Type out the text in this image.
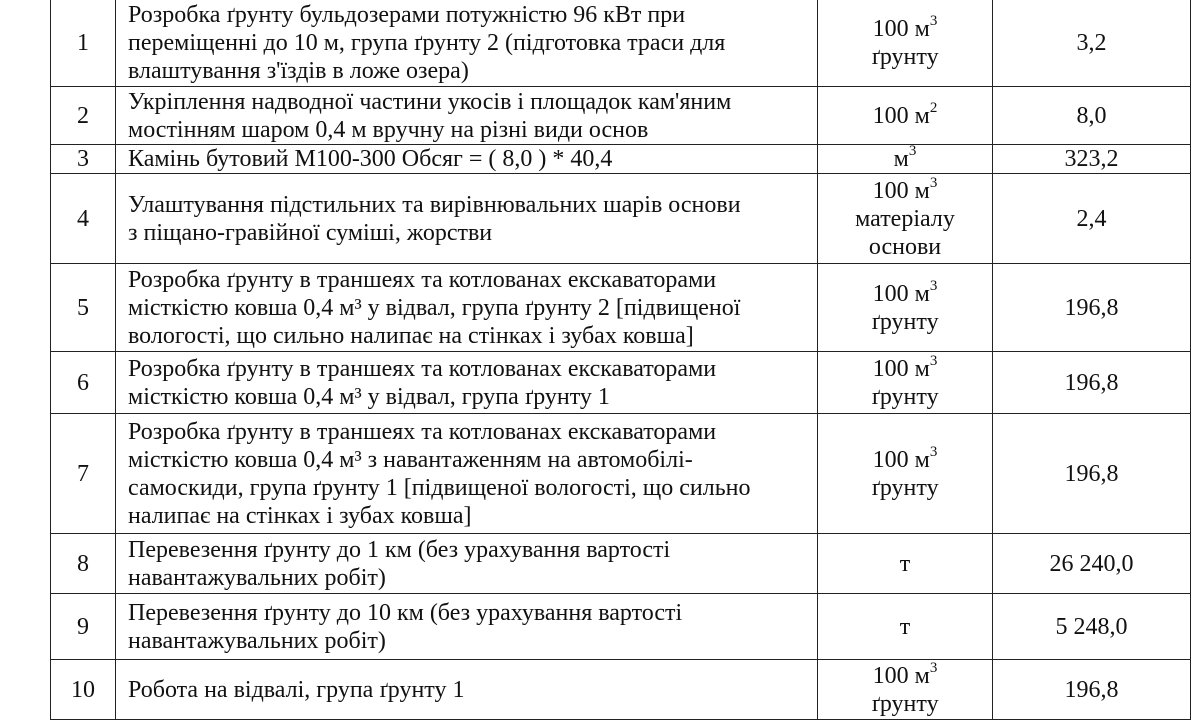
1	Розробка ґрунту бульдозерами потужністю 96 кВт при
переміщенні до 10 м, група ґрунту 2 (підготовка траси для
влаштування з'їздів в ложе озера)	100 $м^3$
ґрунту	3,2
2	Укріплення надводної частини укосів і площадок кам'яним
мостінням шаром 0,4 м вручну на різні види основ	100 $м^2$	8,0
3	Камінь бутовий М100-300 Обсяг = ( 8,0 ) * 40,4	$м^3$	323,2
4	Улаштування підстильних та вирівнювальних шарів основи
з піщано-гравійної суміші, жорстви	100 $м^3$
матеріалу
основи	2,4
5	Розробка ґрунту в траншеях та котлованах екскаваторами
місткістю ковша 0,4 м³ у відвал, група ґрунту 2 [підвищеної
вологості, що сильно налипає на стінках і зубах ковша]	100 $м^3$
ґрунту	196,8
6	Розробка ґрунту в траншеях та котлованах екскаваторами
місткістю ковша 0,4 м³ у відвал, група ґрунту 1	100 $м^3$
ґрунту	196,8
7	Розробка ґрунту в траншеях та котлованах екскаваторами
місткістю ковша 0,4 м³ з навантаженням на автомобілі-
самоскиди, група ґрунту 1 [підвищеної вологості, що сильно
налипає на стінках і зубах ковша]	100 $м^3$
ґрунту	196,8
8	Перевезення ґрунту до 1 км (без урахування вартості
навантажувальних робіт)	т	26 240,0
9	Перевезення ґрунту до 10 км (без урахування вартості
навантажувальних робіт)	т	5 248,0
10	Робота на відвалі, група ґрунту 1	100 $м^3$
ґрунту	196,8
